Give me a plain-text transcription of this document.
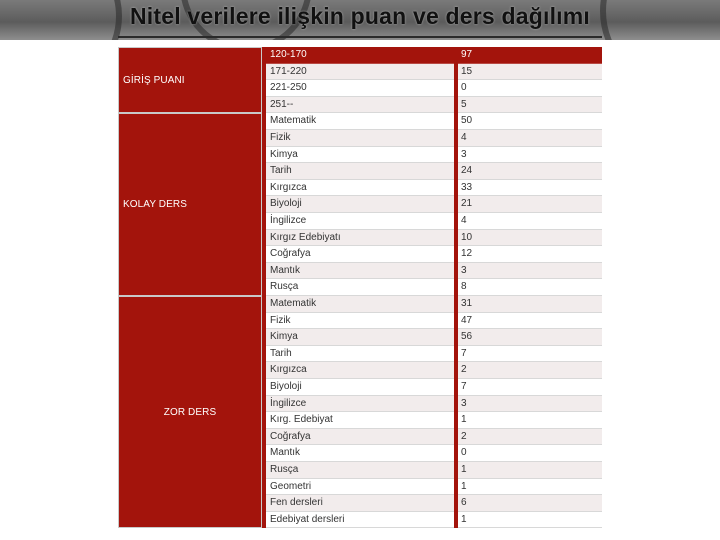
Nitel verilere ilişkin puan ve ders dağılımı
GİRİŞ PUANI
120-170	97
171-220	15
221-250	0
251--	5
KOLAY DERS
Matematik	50
Fizik	4
Kimya	3
Tarih	24
Kırgızca	33
Biyoloji	21
İngilizce	4
Kırgız Edebiyatı	10
Coğrafya	12
Mantık	3
Rusça	8
ZOR DERS
Matematik	31
Fizik	47
Kimya	56
Tarih	7
Kırgızca	2
Biyoloji	7
İngilizce	3
Kırg. Edebiyat	1
Coğrafya	2
Mantık	0
Rusça	1
Geometri	1
Fen dersleri	6
Edebiyat dersleri	1
